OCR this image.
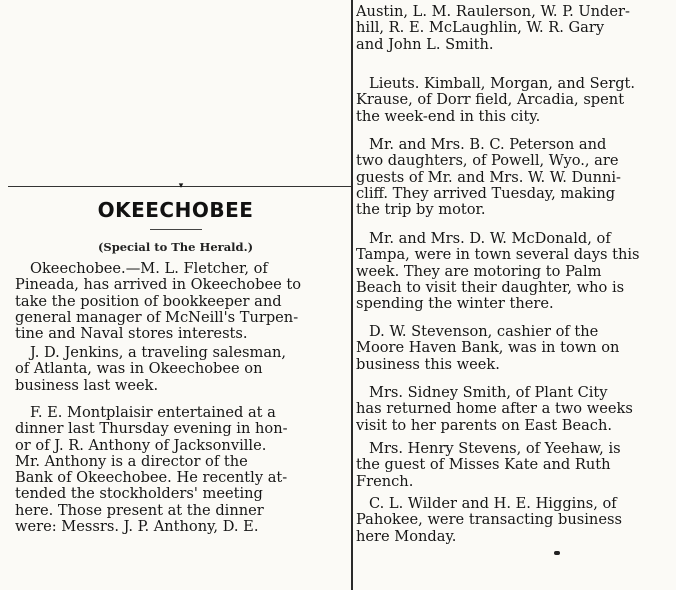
▾
OKEECHOBEE
(Special to The Herald.)

Okeechobee.—M. L. Fletcher, of
Pineada, has arrived in Okeechobee to
take the position of bookkeeper and
general manager of McNeill's Turpen-
tine and Naval stores interests.

J. D. Jenkins, a traveling salesman,
of Atlanta, was in Okeechobee on
business last week.

F. E. Montplaisir entertained at a
dinner last Thursday evening in hon-
or of J. R. Anthony of Jacksonville.
Mr. Anthony is a director of the
Bank of Okeechobee. He recently at-
tended the stockholders' meeting
here. Those present at the dinner
were: Messrs. J. P. Anthony, D. E.

Austin, L. M. Raulerson, W. P. Under-
hill, R. E. McLaughlin, W. R. Gary
and John L. Smith.

Lieuts. Kimball, Morgan, and Sergt.
Krause, of Dorr field, Arcadia, spent
the week-end in this city.

Mr. and Mrs. B. C. Peterson and
two daughters, of Powell, Wyo., are
guests of Mr. and Mrs. W. W. Dunni-
cliff. They arrived Tuesday, making
the trip by motor.

Mr. and Mrs. D. W. McDonald, of
Tampa, were in town several days this
week. They are motoring to Palm
Beach to visit their daughter, who is
spending the winter there.

D. W. Stevenson, cashier of the
Moore Haven Bank, was in town on
business this week.

Mrs. Sidney Smith, of Plant City
has returned home after a two weeks
visit to her parents on East Beach.

Mrs. Henry Stevens, of Yeehaw, is
the guest of Misses Kate and Ruth
French.

C. L. Wilder and H. E. Higgins, of
Pahokee, were transacting business
here Monday.
